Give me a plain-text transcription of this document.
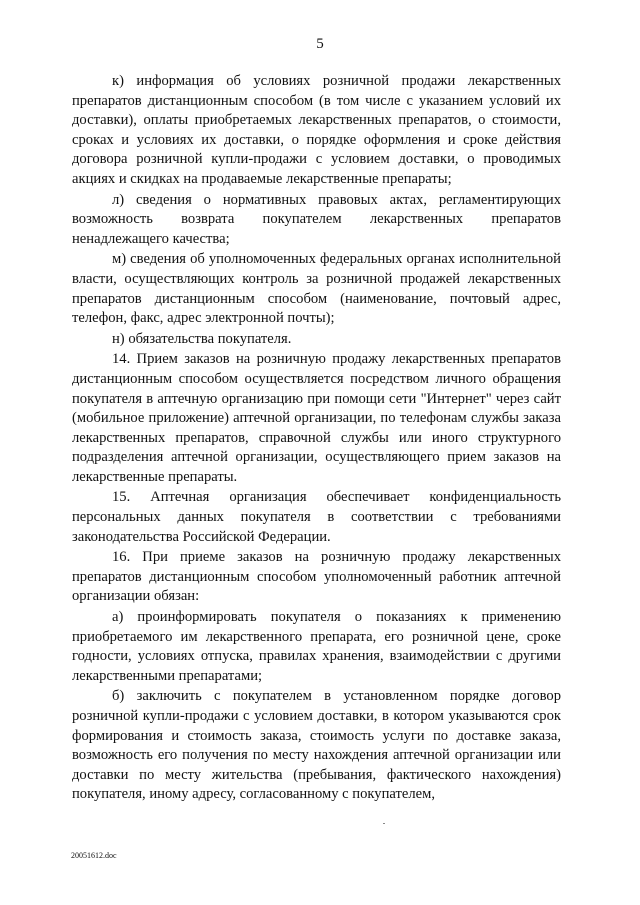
5

к) информация об условиях розничной продажи лекарственных препаратов дистанционным способом (в том числе с указанием условий их доставки), оплаты приобретаемых лекарственных препаратов, о стоимости, сроках и условиях их доставки, о порядке оформления и сроке действия договора розничной купли-продажи с условием доставки, о проводимых акциях и скидках на продаваемые лекарственные препараты;

л) сведения о нормативных правовых актах, регламентирующих возможность возврата покупателем лекарственных препаратов ненадлежащего качества;

м) сведения об уполномоченных федеральных органах исполнительной власти, осуществляющих контроль за розничной продажей лекарственных препаратов дистанционным способом (наименование, почтовый адрес, телефон, факс, адрес электронной почты);

н) обязательства покупателя.

14. Прием заказов на розничную продажу лекарственных препаратов дистанционным способом осуществляется посредством личного обращения покупателя в аптечную организацию при помощи сети "Интернет" через сайт (мобильное приложение) аптечной организации, по телефонам службы заказа лекарственных препаратов, справочной службы или иного структурного подразделения аптечной организации, осуществляющего прием заказов на лекарственные препараты.

15. Аптечная организация обеспечивает конфиденциальность персональных данных покупателя в соответствии с требованиями законодательства Российской Федерации.

16. При приеме заказов на розничную продажу лекарственных препаратов дистанционным способом уполномоченный работник аптечной организации обязан:

а) проинформировать покупателя о показаниях к применению приобретаемого им лекарственного препарата, его розничной цене, сроке годности, условиях отпуска, правилах хранения, взаимодействии с другими лекарственными препаратами;

б) заключить с покупателем в установленном порядке договор розничной купли-продажи с условием доставки, в котором указываются срок формирования и стоимость заказа, стоимость услуги по доставке заказа, возможность его получения по месту нахождения аптечной организации или доставки по месту жительства (пребывания, фактического нахождения) покупателя, иному адресу, согласованному с покупателем,

20051612.doc
